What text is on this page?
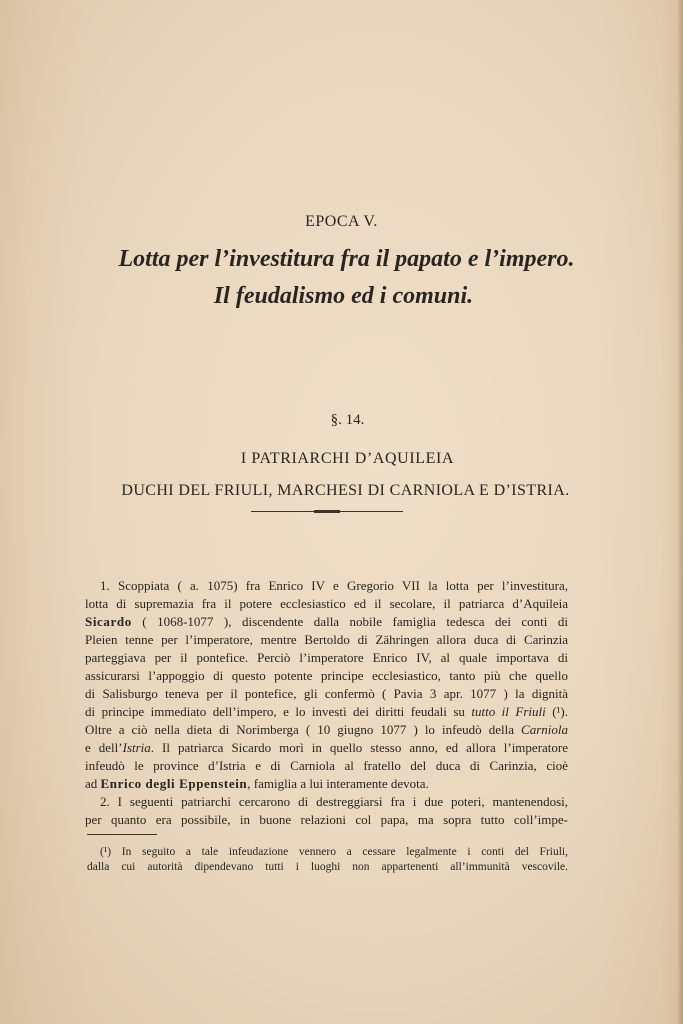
EPOCA V.
Lotta per l’investitura fra il papato e l’impero.
Il feudalismo ed i comuni.
§. 14.
I PATRIARCHI D’AQUILEIA
DUCHI DEL FRIULI, MARCHESI DI CARNIOLA E D’ISTRIA.
1. Scoppiata ( a. 1075) fra Enrico IV e Gregorio VII la lotta per l’investitura,
lotta di supremazia fra il potere ecclesiastico ed il secolare, il patriarca d’Aquileia
Sicardo ( 1068-1077 ), discendente dalla nobile famiglia tedesca dei conti di
Pleien tenne per l’imperatore, mentre Bertoldo di Zähringen allora duca di Carinzia
parteggiava per il pontefice. Perciò l’imperatore Enrico IV, al quale importava di
assicurarsi l’appoggio di questo potente principe ecclesiastico, tanto più che quello
di Salisburgo teneva per il pontefice, gli confermò ( Pavia 3 apr. 1077 ) la dignità
di principe immediato dell’impero, e lo investì dei diritti feudali su tutto il Friuli (¹).
Oltre a ciò nella dieta di Norimberga ( 10 giugno 1077 ) lo infeudò della Carniola
e dell’Istria. Il patriarca Sicardo morì in quello stesso anno, ed allora l’imperatore
infeudò le province d’Istria e di Carniola al fratello del duca di Carinzia, cioè
ad Enrico degli Eppenstein, famiglia a lui interamente devota.
2. I seguenti patriarchi cercarono di destreggiarsi fra i due poteri, mantenendosi,
per quanto era possibile, in buone relazioni col papa, ma sopra tutto coll’impe-
(¹) In seguito a tale infeudazione vennero a cessare legalmente i conti del Friuli,
dalla cui autorità dipendevano tutti i luoghi non appartenenti all’immunità vescovile.
